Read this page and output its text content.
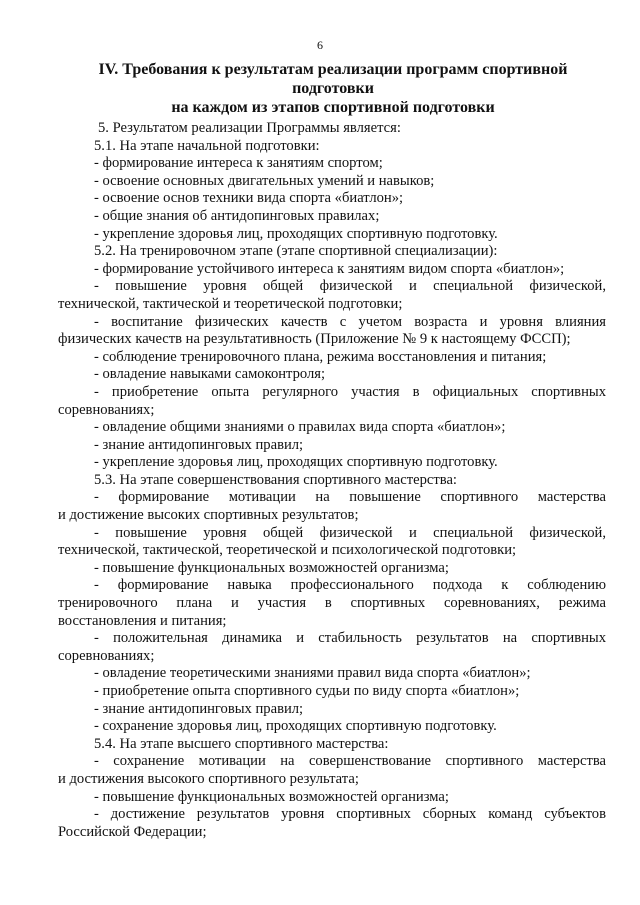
6
IV. Требования к результатам реализации программ спортивной подготовки
на каждом из этапов спортивной подготовки
5. Результатом реализации Программы является:
5.1. На этапе начальной подготовки:
- формирование интереса к занятиям спортом;
- освоение основных двигательных умений и навыков;
- освоение основ техники вида спорта «биатлон»;
- общие знания об антидопинговых правилах;
- укрепление здоровья лиц, проходящих спортивную подготовку.
5.2. На тренировочном этапе (этапе спортивной специализации):
- формирование устойчивого интереса к занятиям видом спорта «биатлон»;
- повышение уровня общей физической и специальной физической,
технической, тактической и теоретической подготовки;
- воспитание физических качеств с учетом возраста и уровня влияния
физических качеств на результативность (Приложение № 9 к настоящему ФССП);
- соблюдение тренировочного плана, режима восстановления и питания;
- овладение навыками самоконтроля;
- приобретение опыта регулярного участия в официальных спортивных
соревнованиях;
- овладение общими знаниями о правилах вида спорта «биатлон»;
- знание антидопинговых правил;
- укрепление здоровья лиц, проходящих спортивную подготовку.
5.3. На этапе совершенствования спортивного мастерства:
- формирование мотивации на повышение спортивного мастерства
и достижение высоких спортивных результатов;
- повышение уровня общей физической и специальной физической,
технической, тактической, теоретической и психологической подготовки;
- повышение функциональных возможностей организма;
- формирование навыка профессионального подхода к соблюдению
тренировочного плана и участия в спортивных соревнованиях, режима
восстановления и питания;
- положительная динамика и стабильность результатов на спортивных
соревнованиях;
- овладение теоретическими знаниями правил вида спорта «биатлон»;
- приобретение опыта спортивного судьи по виду спорта «биатлон»;
- знание антидопинговых правил;
- сохранение здоровья лиц, проходящих спортивную подготовку.
5.4. На этапе высшего спортивного мастерства:
- сохранение мотивации на совершенствование спортивного мастерства
и достижения высокого спортивного результата;
- повышение функциональных возможностей организма;
- достижение результатов уровня спортивных сборных команд субъектов
Российской Федерации;
